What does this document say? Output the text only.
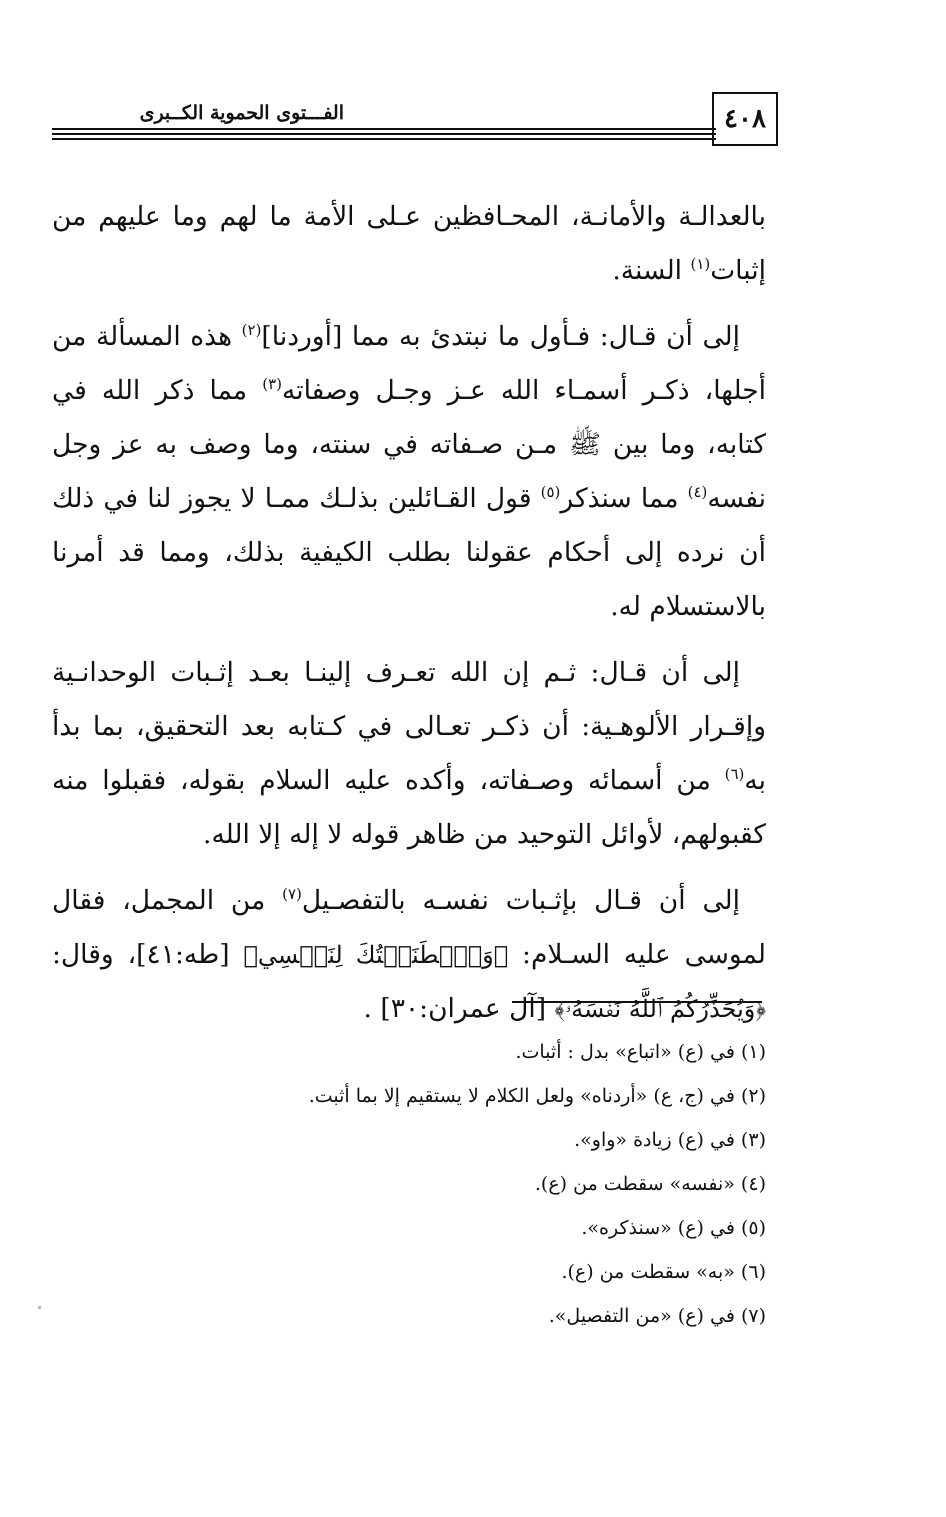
٤٠٨
الفـــتوى الحموية الكــبرى

بالعدالـة والأمانـة، المحـافظين عـلى الأمة ما لهم وما عليهم من إثبات$^{(١)}$ السنة.

إلى أن قـال: فـأول ما نبتدئ به مما [أوردنا]$^{(٢)}$ هذه المسألة من أجلها، ذكـر أسمـاء الله عـز وجـل وصفاته$^{(٣)}$ مما ذكر الله في كتابه، وما بين ﷺ مـن صـفاته في سنته، وما وصف به عز وجل نفسه$^{(٤)}$ مما سنذكر$^{(٥)}$ قول القـائلين بذلـك ممـا لا يجوز لنا في ذلك أن نرده إلى أحكام عقولنا بطلب الكيفية بذلك، ومما قد أمرنا بالاستسلام له.

إلى أن قـال: ثـم إن الله تعـرف إلينـا بعـد إثـبات الوحدانـية وإقـرار الألوهـية: أن ذكـر تعـالى في كـتابه بعد التحقيق، بما بدأ به$^{(٦)}$ من أسمائه وصـفاته، وأكده عليه السلام بقوله، فقبلوا منه كقبولهم، لأوائل التوحيد من ظاهر قوله لا إله إلا الله.

إلى أن قـال بإثـبات نفسـه بالتفصـيل$^{(٧)}$ من المجمل، فقال لموسى عليه السـلام: ﴿وَٱصۡطَنَعۡتُكَ لِنَفۡسِي﴾ [طه:٤١]، وقال: ﴿وَيُحَذِّرُكُمُ ٱللَّهُ نَفۡسَهُۥ﴾ [آل عمران:٣٠] .

(١) في (ع) «اتباع» بدل : أثبات.
(٢) في (ج، ع) «أردناه» ولعل الكلام لا يستقيم إلا بما أثبت.
(٣) في (ع) زيادة «واو».
(٤) «نفسه» سقطت من (ع).
(٥) في (ع) «سنذكره».
(٦) «به» سقطت من (ع).
(٧) في (ع) «من التفصيل».
